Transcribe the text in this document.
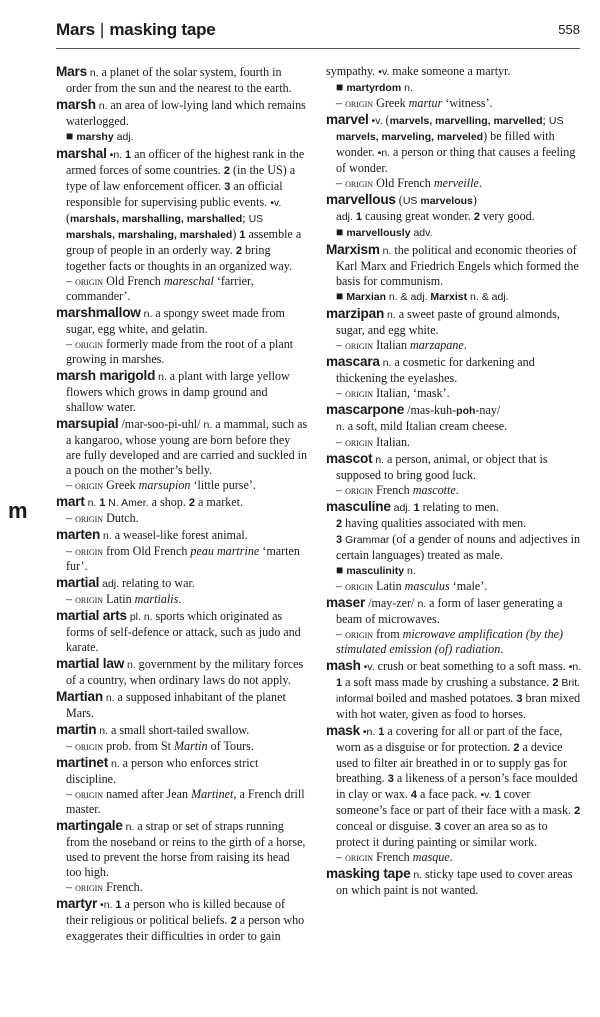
Mars | masking tape	558
m
Mars n. a planet of the solar system, fourth in order from the sun and the nearest to the earth.
marsh n. an area of low-lying land which remains waterlogged.
■ marshy adj.
marshal •n. 1 an officer of the highest rank in the armed forces of some countries. 2 (in the US) a type of law enforcement officer. 3 an official responsible for supervising public events. •v. (marshals, marshalling, marshalled; US marshals, marshaling, marshaled) 1 assemble a group of people in an orderly way. 2 bring together facts or thoughts in an organized way.
– origin Old French mareschal ‘farrier, commander’.
marshmallow n. a spongy sweet made from sugar, egg white, and gelatin.
– origin formerly made from the root of a plant growing in marshes.
marsh marigold n. a plant with large yellow flowers which grows in damp ground and shallow water.
marsupial /mar-soo-pi-uhl/ n. a mammal, such as a kangaroo, whose young are born before they are fully developed and are carried and suckled in a pouch on the mother’s belly.
– origin Greek marsupion ‘little purse’.
mart n. 1 N. Amer. a shop. 2 a market.
– origin Dutch.
marten n. a weasel-like forest animal.
– origin from Old French peau martrine ‘marten fur’.
martial adj. relating to war.
– origin Latin martialis.
martial arts pl. n. sports which originated as forms of self-defence or attack, such as judo and karate.
martial law n. government by the military forces of a country, when ordinary laws do not apply.
Martian n. a supposed inhabitant of the planet Mars.
martin n. a small short-tailed swallow.
– origin prob. from St Martin of Tours.
martinet n. a person who enforces strict discipline.
– origin named after Jean Martinet, a French drill master.
martingale n. a strap or set of straps running from the noseband or reins to the girth of a horse, used to prevent the horse from raising its head too high.
– origin French.
martyr •n. 1 a person who is killed because of their religious or political beliefs. 2 a person who exaggerates their difficulties in order to gain
sympathy. •v. make someone a martyr.
■ martyrdom n.
– origin Greek martur ‘witness’.
marvel •v. (marvels, marvelling, marvelled; US marvels, marveling, marveled) be filled with wonder. •n. a person or thing that causes a feeling of wonder.
– origin Old French merveille.
marvellous (US marvelous)
adj. 1 causing great wonder. 2 very good.
■ marvellously adv.
Marxism n. the political and economic theories of Karl Marx and Friedrich Engels which formed the basis for communism.
■ Marxian n. & adj. Marxist n. & adj.
marzipan n. a sweet paste of ground almonds, sugar, and egg white.
– origin Italian marzapane.
mascara n. a cosmetic for darkening and thickening the eyelashes.
– origin Italian, ‘mask’.
mascarpone /mas-kuh-poh-nay/
n. a soft, mild Italian cream cheese.
– origin Italian.
mascot n. a person, animal, or object that is supposed to bring good luck.
– origin French mascotte.
masculine adj. 1 relating to men.
2 having qualities associated with men.
3 Grammar (of a gender of nouns and adjectives in certain languages) treated as male.
■ masculinity n.
– origin Latin masculus ‘male’.
maser /may-zer/ n. a form of laser generating a beam of microwaves.
– origin from microwave amplification (by the) stimulated emission (of) radiation.
mash •v. crush or beat something to a soft mass. •n. 1 a soft mass made by crushing a substance. 2 Brit. informal boiled and mashed potatoes. 3 bran mixed with hot water, given as food to horses.
mask •n. 1 a covering for all or part of the face, worn as a disguise or for protection. 2 a device used to filter air breathed in or to supply gas for breathing. 3 a likeness of a person’s face moulded in clay or wax. 4 a face pack. •v. 1 cover someone’s face or part of their face with a mask. 2 conceal or disguise. 3 cover an area so as to protect it during painting or similar work.
– origin French masque.
masking tape n. sticky tape used to cover areas on which paint is not wanted.
